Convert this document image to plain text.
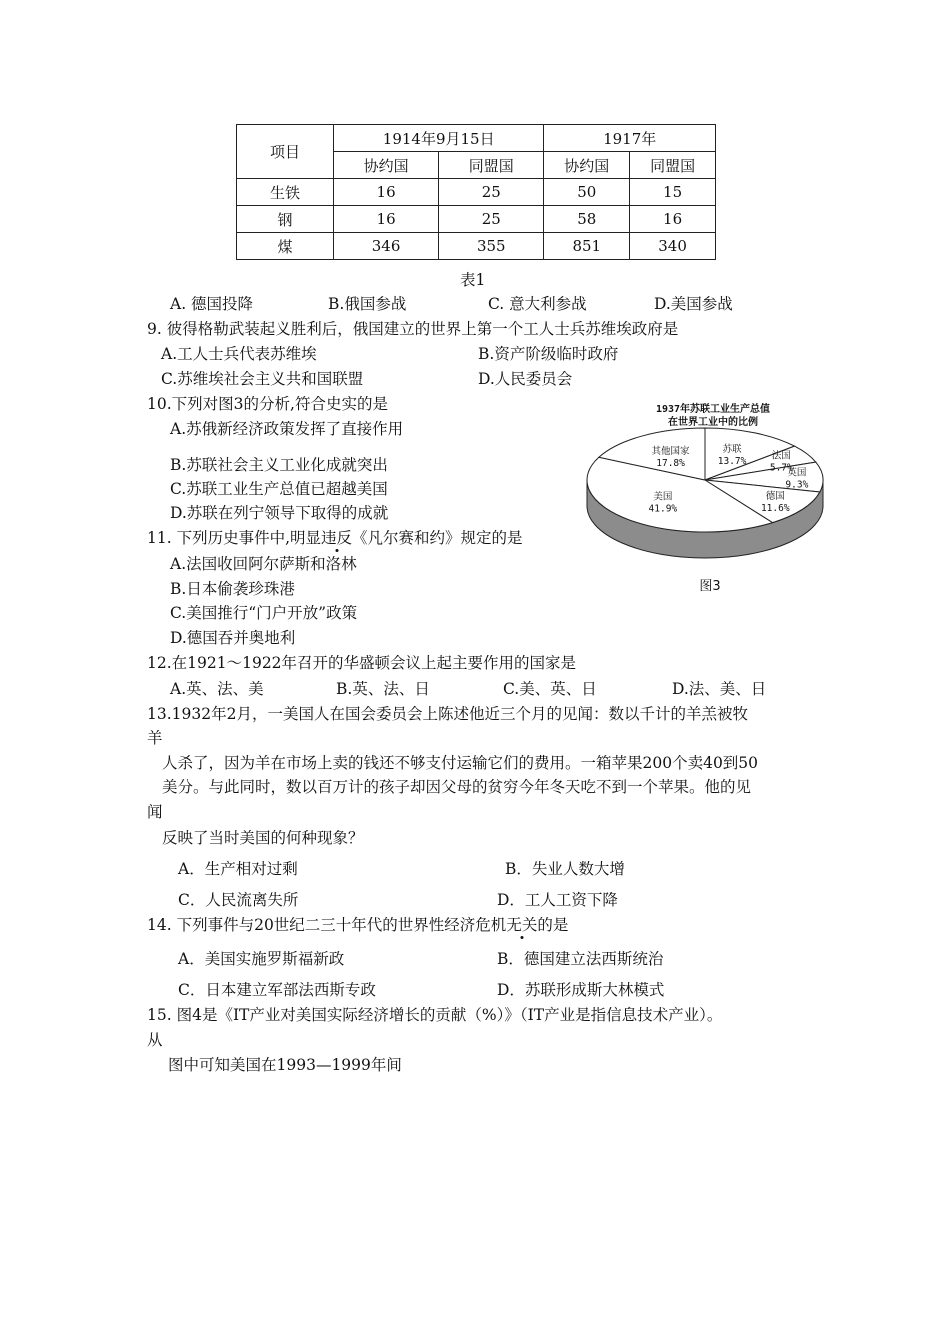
项目	1914年9月15日		1917年	
	协约国	同盟国	协约国	同盟国
生铁	16	25	50	15
钢	16	25	58	16
煤	346	355	851	340
表1
A. 德国投降	B.俄国参战	C. 意大利参战	D.美国参战
9. 彼得格勒武装起义胜利后，俄国建立的世界上第一个工人士兵苏维埃政府是
A.工人士兵代表苏维埃	B.资产阶级临时政府
C.苏维埃社会主义共和国联盟	D.人民委员会
10.下列对图3的分析,符合史实的是
A.苏俄新经济政策发挥了直接作用
B.苏联社会主义工业化成就突出
C.苏联工业生产总值已超越美国
D.苏联在列宁领导下取得的成就
1937年苏联工业生产总值
在世界工业中的比例
苏联
13.7%
法国
5.7%
英国
9.3%
德国
11.6%
美国
41.9%
其他国家
17.8%
图3
11. 下列历史事件中,明显违反《凡尔赛和约》规定的是
A.法国收回阿尔萨斯和洛林
B.日本偷袭珍珠港
C.美国推行“门户开放”政策
D.德国吞并奥地利
12.在1921～1922年召开的华盛顿会议上起主要作用的国家是
A.英、法、美	B.英、法、日	C.美、英、日	D.法、美、日
13.1932年2月，一美国人在国会委员会上陈述他近三个月的见闻：数以千计的羊羔被牧
羊
人杀了，因为羊在市场上卖的钱还不够支付运输它们的费用。一箱苹果200个卖40到50
美分。与此同时，数以百万计的孩子却因父母的贫穷今年冬天吃不到一个苹果。他的见
闻
反映了当时美国的何种现象？
A．生产相对过剩	B．失业人数大增
C．人民流离失所	D．工人工资下降
14. 下列事件与20世纪二三十年代的世界性经济危机无关的是
A．美国实施罗斯福新政	B．德国建立法西斯统治
C．日本建立军部法西斯专政	D．苏联形成斯大林模式
15. 图4是《IT产业对美国实际经济增长的贡献（%）》（IT产业是指信息技术产业）。
从
图中可知美国在1993—1999年间
